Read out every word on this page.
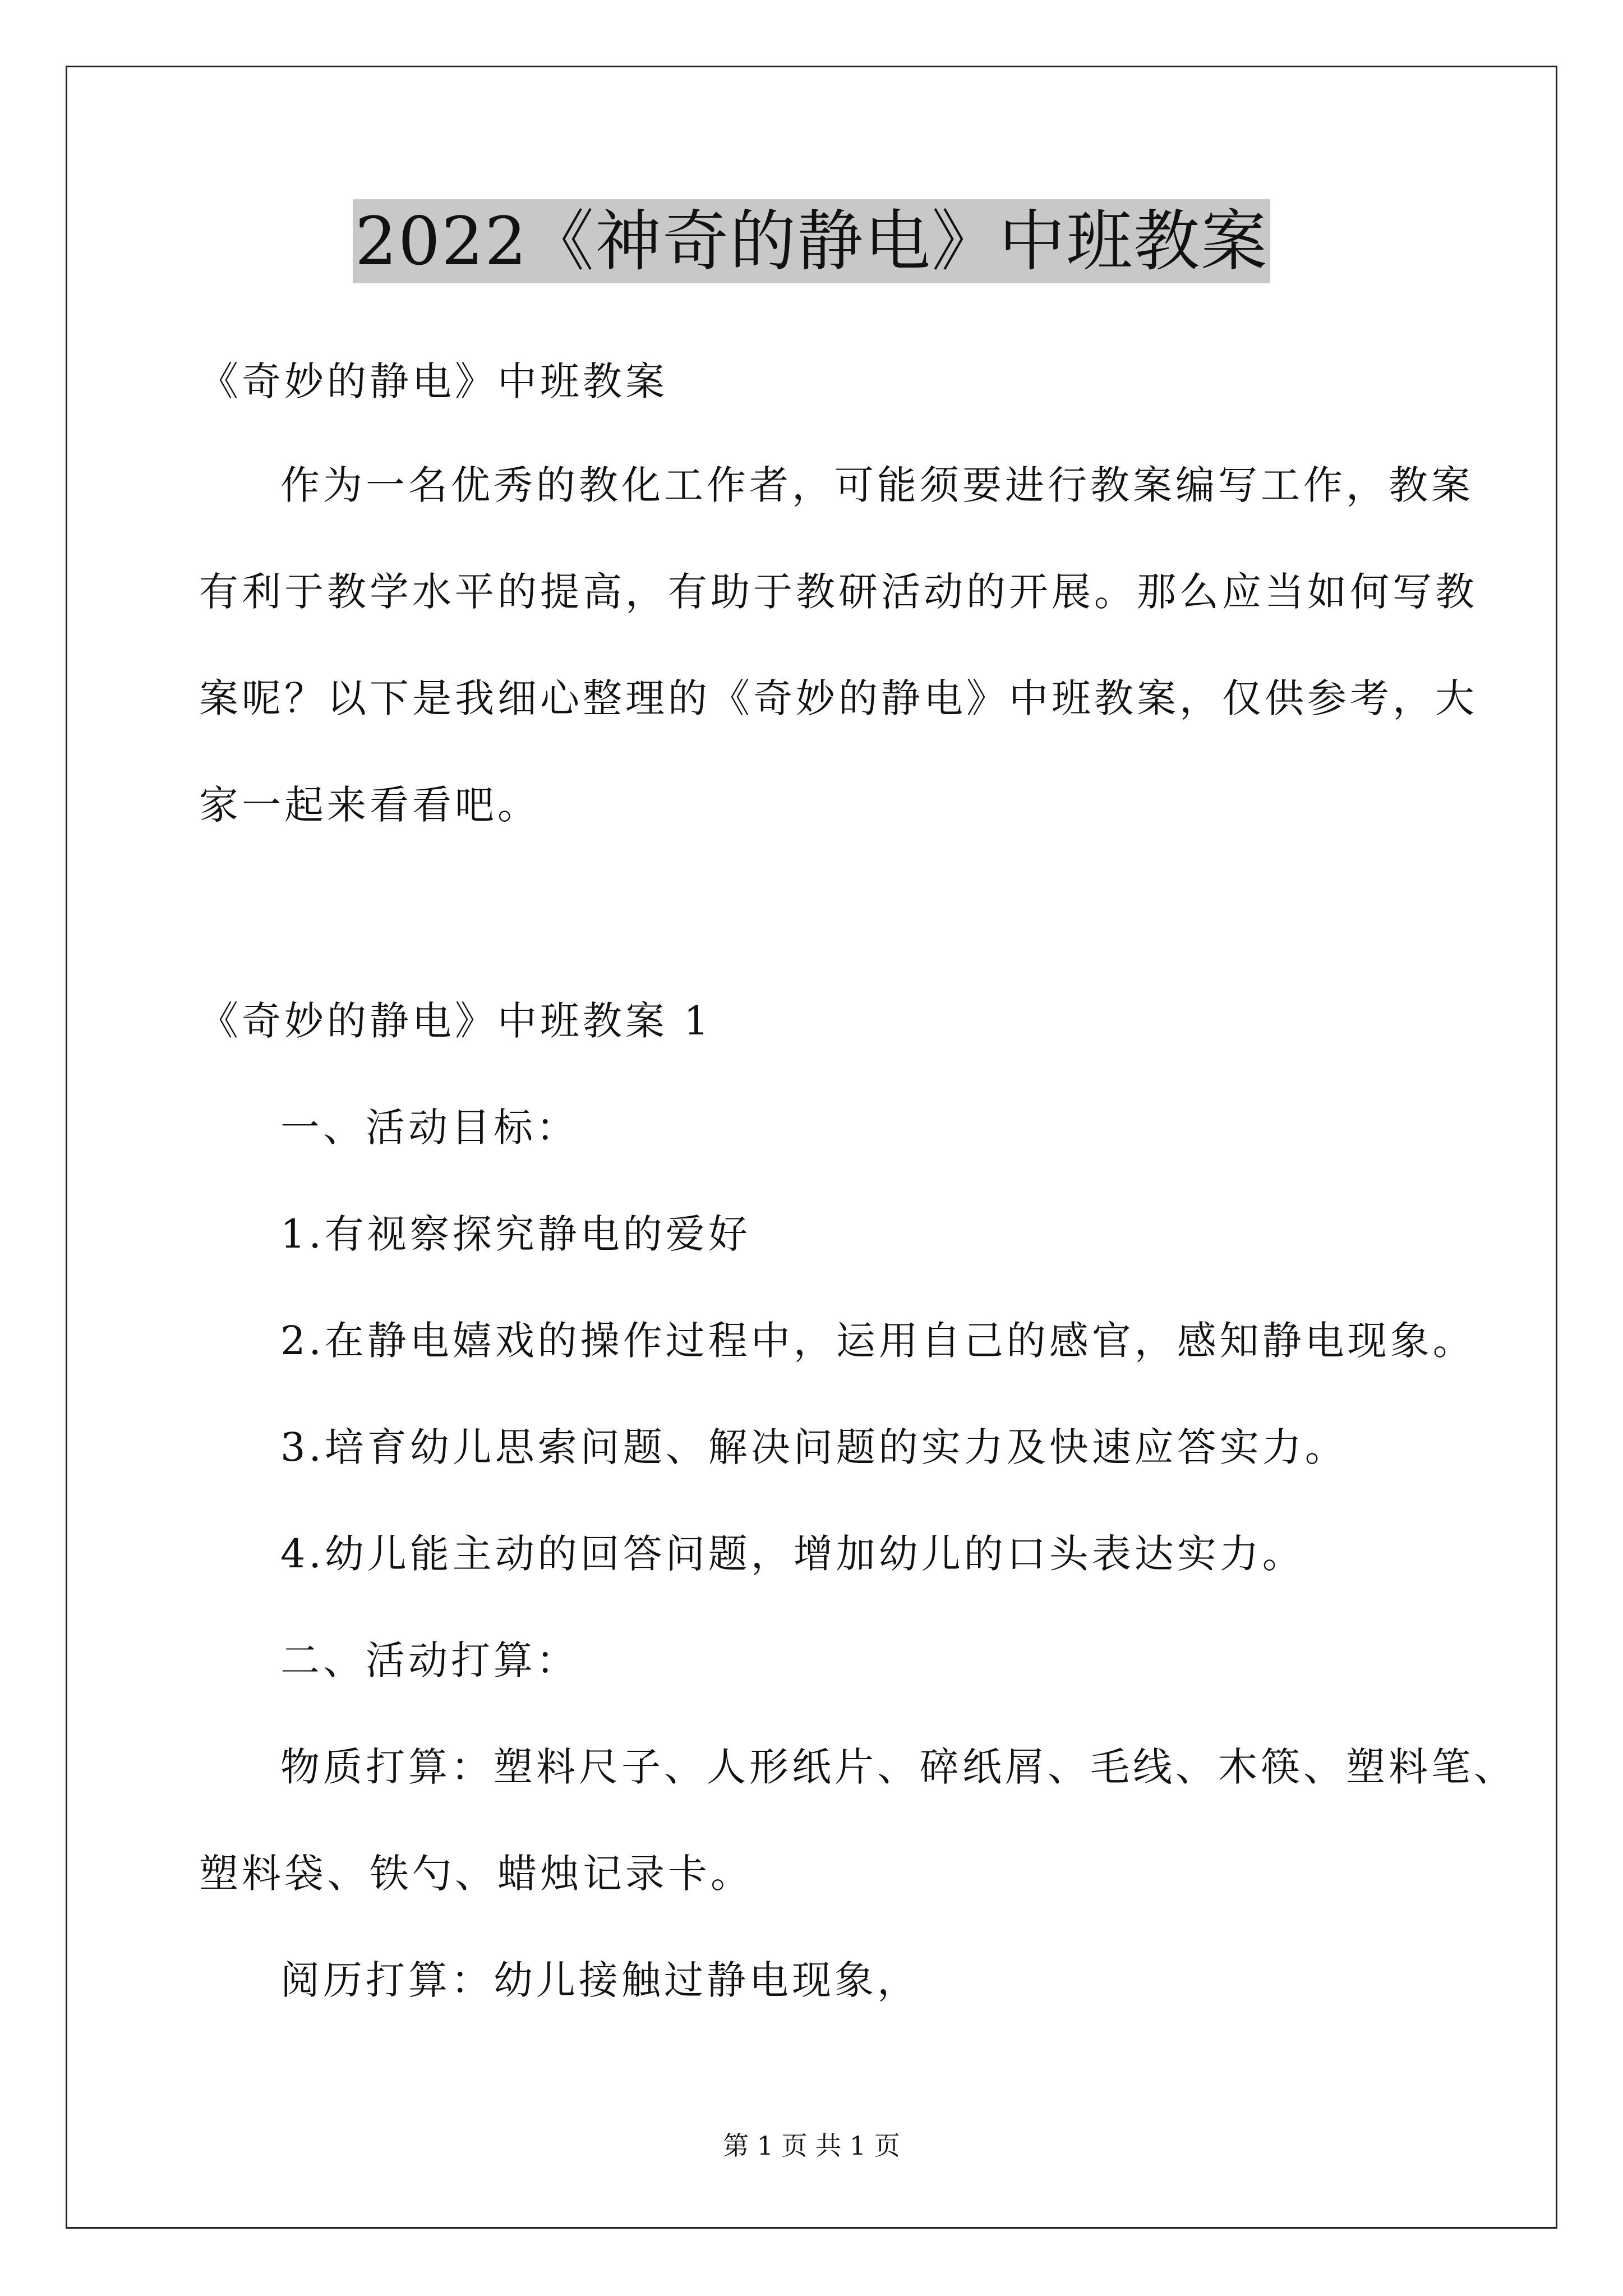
2022《神奇的静电》中班教案
《奇妙的静电》中班教案
作为一名优秀的教化工作者，可能须要进行教案编写工作，教案
有利于教学水平的提高，有助于教研活动的开展。那么应当如何写教
案呢？以下是我细心整理的《奇妙的静电》中班教案，仅供参考，大
家一起来看看吧。
《奇妙的静电》中班教案 1
一、活动目标：
1.有视察探究静电的爱好
2.在静电嬉戏的操作过程中，运用自己的感官，感知静电现象。
3.培育幼儿思索问题、解决问题的实力及快速应答实力。
4.幼儿能主动的回答问题，增加幼儿的口头表达实力。
二、活动打算：
物质打算：塑料尺子、人形纸片、碎纸屑、毛线、木筷、塑料笔、
塑料袋、铁勺、蜡烛记录卡。
阅历打算：幼儿接触过静电现象，
第 1 页 共 1 页
